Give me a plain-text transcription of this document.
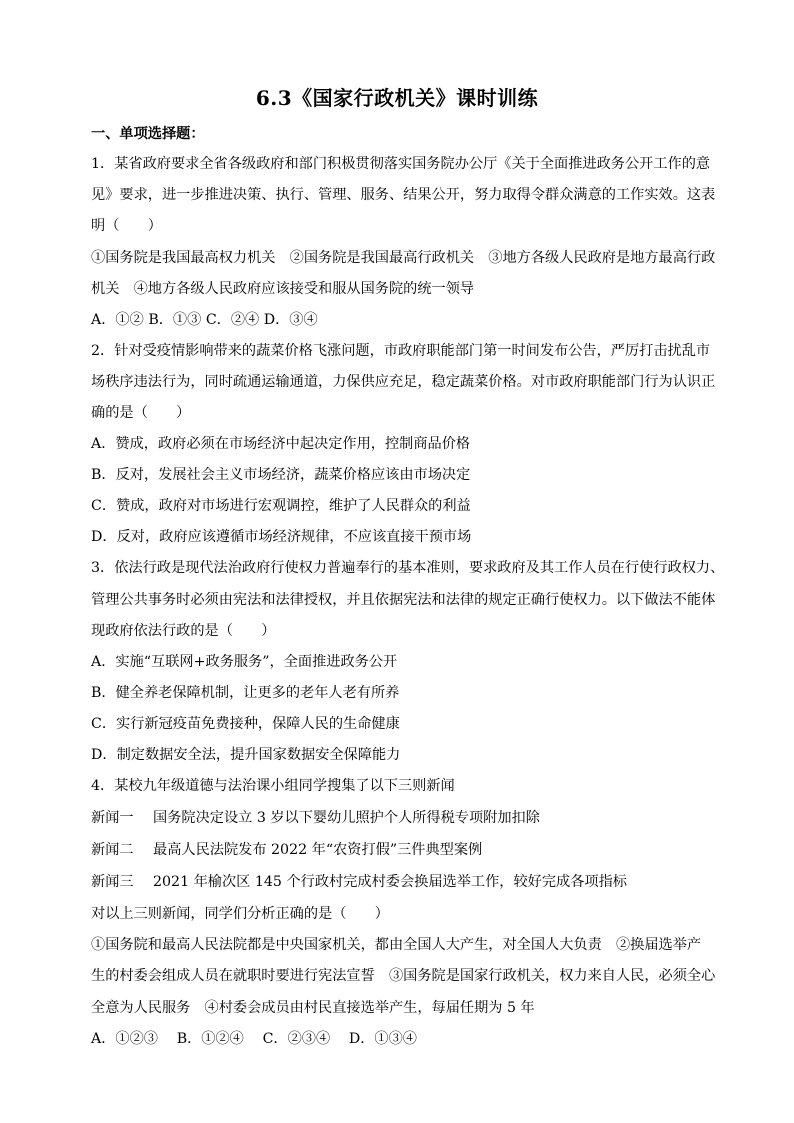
6.3《国家行政机关》课时训练
一、单项选择题：
1．某省政府要求全省各级政府和部门积极贯彻落实国务院办公厅《关于全面推进政务公开工作的意
见》要求，进一步推进决策、执行、管理、服务、结果公开，努力取得令群众满意的工作实效。这表
明（　　）
①国务院是我国最高权力机关　②国务院是我国最高行政机关　③地方各级人民政府是地方最高行政
机关　④地方各级人民政府应该接受和服从国务院的统一领导
A．①② B．①③ C．②④ D．③④
2．针对受疫情影响带来的蔬菜价格飞涨问题，市政府职能部门第一时间发布公告，严厉打击扰乱市
场秩序违法行为，同时疏通运输通道，力保供应充足，稳定蔬菜价格。对市政府职能部门行为认识正
确的是（　　）
A．赞成，政府必须在市场经济中起决定作用，控制商品价格
B．反对，发展社会主义市场经济，蔬菜价格应该由市场决定
C．赞成，政府对市场进行宏观调控，维护了人民群众的利益
D．反对，政府应该遵循市场经济规律，不应该直接干预市场
3．依法行政是现代法治政府行使权力普遍奉行的基本准则，要求政府及其工作人员在行使行政权力、
管理公共事务时必须由宪法和法律授权，并且依据宪法和法律的规定正确行使权力。以下做法不能体
现政府依法行政的是（　　）
A．实施“互联网+政务服务”，全面推进政务公开
B．健全养老保障机制，让更多的老年人老有所养
C．实行新冠疫苗免费接种，保障人民的生命健康
D．制定数据安全法，提升国家数据安全保障能力
4．某校九年级道德与法治课小组同学搜集了以下三则新闻
新闻一 国务院决定设立 3 岁以下婴幼儿照护个人所得税专项附加扣除
新闻二 最高人民法院发布 2022 年“农资打假”三件典型案例
新闻三 2021 年榆次区 145 个行政村完成村委会换届选举工作，较好完成各项指标
对以上三则新闻，同学们分析正确的是（　　）
①国务院和最高人民法院都是中央国家机关，都由全国人大产生，对全国人大负责　②换届选举产
生的村委会组成人员在就职时要进行宪法宣誓　③国务院是国家行政机关，权力来自人民，必须全心
全意为人民服务　④村委会成员由村民直接选举产生，每届任期为 5 年
A．①②③　 B．①②④　 C．②③④　 D．①③④
